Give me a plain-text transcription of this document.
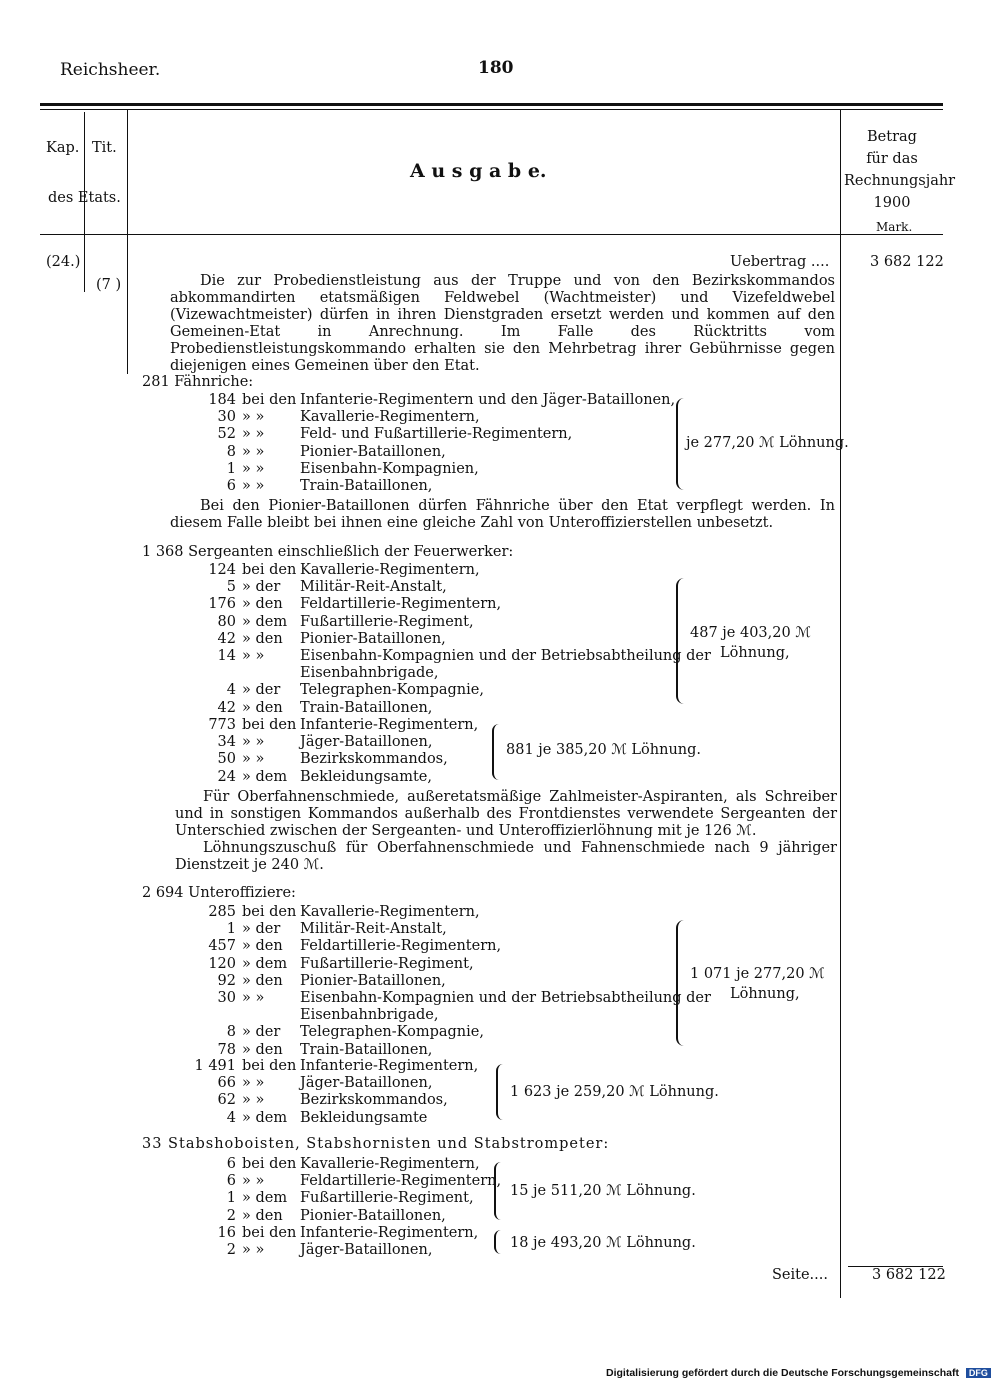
Reichsheer.	180
Kap. Tit.
des Etats.
A u s g a b e.
Betrag
für das
Rechnungsjahr
1900
Mark.
(24.)
(7 )
Uebertrag ....	3 682 122
Die zur Probedienstleistung aus der Truppe und von den Bezirkskommandos abkommandirten etatsmäßigen Feldwebel (Wachtmeister) und Vizefeldwebel (Vizewachtmeister) dürfen in ihren Dienstgraden ersetzt werden und kommen auf den Gemeinen-Etat in Anrechnung. Im Falle des Rücktritts vom Probedienstleistungskommando erhalten sie den Mehrbetrag ihrer Gebührnisse gegen diejenigen eines Gemeinen über den Etat.
281 Fähnriche:
184 bei den Infanterie-Regimentern und den Jäger-Bataillonen,
30 » » Kavallerie-Regimentern,
52 » » Feld- und Fußartillerie-Regimentern,
8 » » Pionier-Bataillonen,
1 » » Eisenbahn-Kompagnien,
6 » » Train-Bataillonen,
je 277,20 ℳ Löhnung.
Bei den Pionier-Bataillonen dürfen Fähnriche über den Etat verpflegt werden. In diesem Falle bleibt bei ihnen eine gleiche Zahl von Unteroffizierstellen unbesetzt.
1 368 Sergeanten einschließlich der Feuerwerker:
124 bei den Kavallerie-Regimentern,
5 » der Militär-Reit-Anstalt,
176 » den Feldartillerie-Regimentern,
80 » dem Fußartillerie-Regiment,
42 » den Pionier-Bataillonen,
14 » » Eisenbahn-Kompagnien und der Betriebsabtheilung der
Eisenbahnbrigade,
4 » der Telegraphen-Kompagnie,
42 » den Train-Bataillonen,
487 je 403,20 ℳ
Löhnung,
773 bei den Infanterie-Regimentern,
34 » » Jäger-Bataillonen,
50 » » Bezirkskommandos,
24 » dem Bekleidungsamte,
881 je 385,20 ℳ Löhnung.
Für Oberfahnenschmiede, außeretatsmäßige Zahlmeister-Aspiranten, als Schreiber und in sonstigen Kommandos außerhalb des Frontdienstes verwendete Sergeanten der Unterschied zwischen der Sergeanten- und Unteroffizierlöhnung mit je 126 ℳ.
Löhnungszuschuß für Oberfahnenschmiede und Fahnenschmiede nach 9 jähriger Dienstzeit je 240 ℳ.
2 694 Unteroffiziere:
285 bei den Kavallerie-Regimentern,
1 » der Militär-Reit-Anstalt,
457 » den Feldartillerie-Regimentern,
120 » dem Fußartillerie-Regiment,
92 » den Pionier-Bataillonen,
30 » » Eisenbahn-Kompagnien und der Betriebsabtheilung der
Eisenbahnbrigade,
8 » der Telegraphen-Kompagnie,
78 » den Train-Bataillonen,
1 071 je 277,20 ℳ
Löhnung,
1 491 bei den Infanterie-Regimentern,
66 » » Jäger-Bataillonen,
62 » » Bezirkskommandos,
4 » dem Bekleidungsamte
1 623 je 259,20 ℳ Löhnung.
33 Stabshoboisten, Stabshornisten und Stabstrompeter:
6 bei den Kavallerie-Regimentern,
6 » » Feldartillerie-Regimentern,
1 » dem Fußartillerie-Regiment,
2 » den Pionier-Bataillonen,
15 je 511,20 ℳ Löhnung.
16 bei den Infanterie-Regimentern,
2 » » Jäger-Bataillonen,	18 je 493,20 ℳ Löhnung.
Seite....	3 682 122
Digitalisierung gefördert durch die Deutsche Forschungsgemeinschaft DFG
